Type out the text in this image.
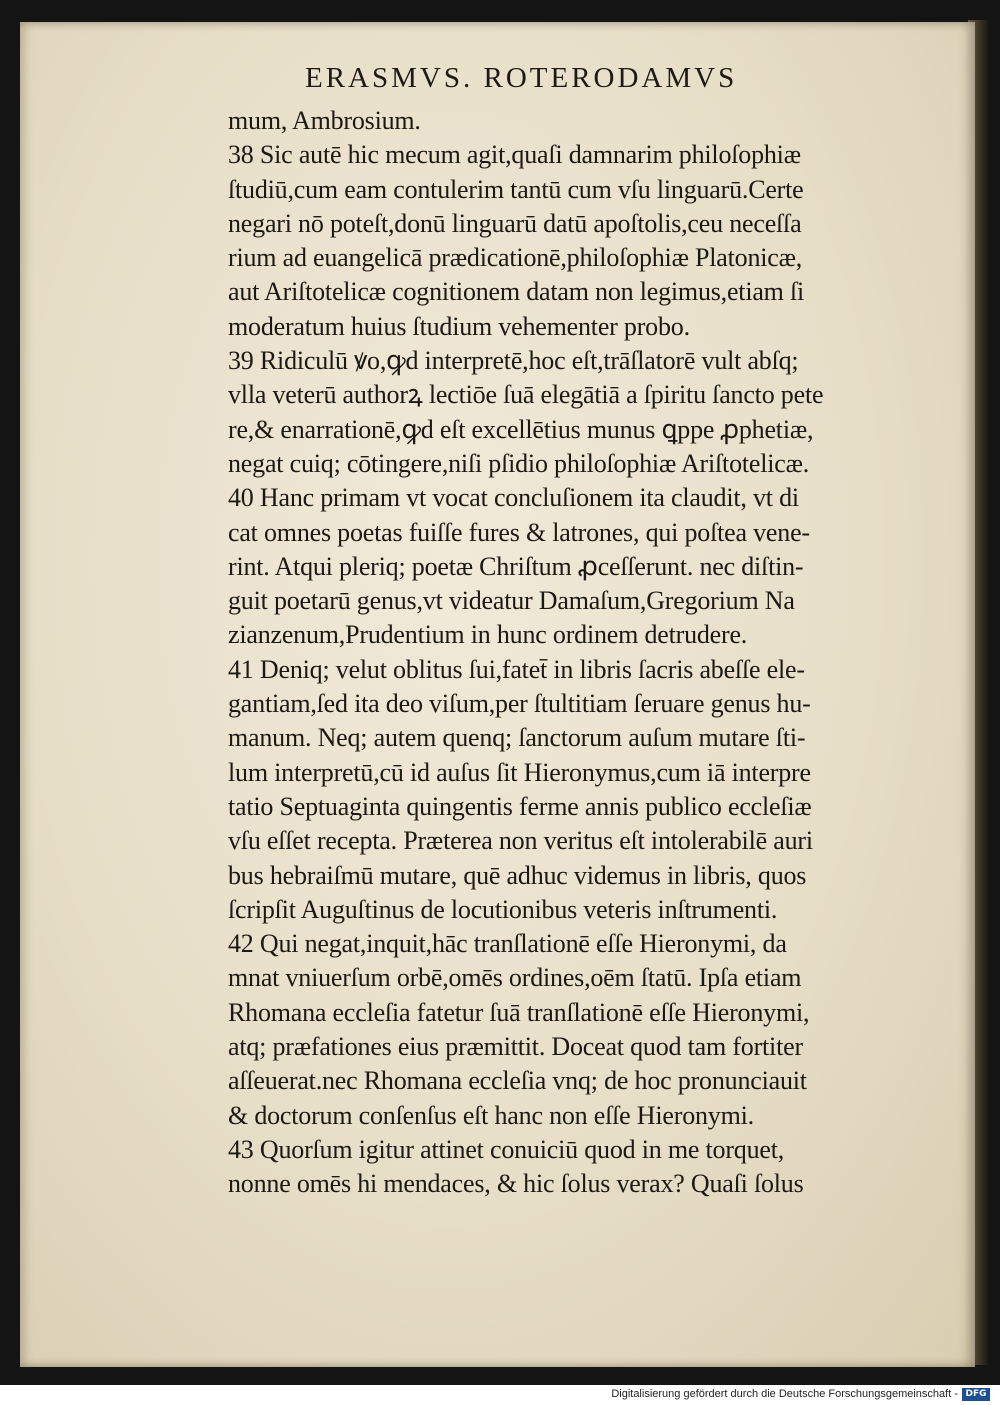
ERASMVS. ROTERODAMVS
mum, Ambrosium.
38 Sic autē hic mecum agit,quaſi damnarim philoſophiæ
ſtudiū,cum eam contulerim tantū cum vſu linguarū.Certe
negari nō poteſt,donū linguarū datū apoſtolis,ceu neceſſa
rium ad euangelicā prædicationē,philoſophiæ Platonicæ,
aut Ariſtotelicæ cognitionem datam non legimus,etiam ſi
moderatum huius ſtudium vehementer probo.
39 Ridiculū ꝟo,ꝙd interpretē,hoc eſt,trāſlatorē vult abſq;
vlla veterū authorꝝ lectiōe ſuā elegātiā a ſpiritu ſancto pete
re,& enarrationē,ꝙd eſt excellētius munus ꝗppe ꝓphetiæ,
negat cuiq; cōtingere,niſi pſidio philoſophiæ Ariſtotelicæ.
40 Hanc primam vt vocat concluſionem ita claudit, vt di
cat omnes poetas fuiſſe fures & latrones, qui poſtea vene-
rint. Atqui pleriq; poetæ Chriſtum ꝓceſſerunt. nec diſtin-
guit poetarū genus,vt videatur Damaſum,Gregorium Na
zianzenum,Prudentium in hunc ordinem detrudere.
41 Deniq; velut oblitus ſui,fatet̄ in libris ſacris abeſſe ele-
gantiam,ſed ita deo viſum,per ſtultitiam ſeruare genus hu-
manum. Neq; autem quenq; ſanctorum auſum mutare ſti-
lum interpretū,cū id auſus ſit Hieronymus,cum iā interpre
tatio Septuaginta quingentis ferme annis publico eccleſiæ
vſu eſſet recepta. Præterea non veritus eſt intolerabilē auri
bus hebraiſmū mutare, quē adhuc videmus in libris, quos
ſcripſit Auguſtinus de locutionibus veteris inſtrumenti.
42 Qui negat,inquit,hāc tranſlationē eſſe Hieronymi, da
mnat vniuerſum orbē,omēs ordines,oēm ſtatū. Ipſa etiam
Rhomana eccleſia fatetur ſuā tranſlationē eſſe Hieronymi,
atq; præfationes eius præmittit. Doceat quod tam fortiter
aſſeuerat.nec Rhomana eccleſia vnq; de hoc pronunciauit
& doctorum conſenſus eſt hanc non eſſe Hieronymi.
43 Quorſum igitur attinet conuiciū quod in me torquet,
nonne omēs hi mendaces, & hic ſolus verax? Quaſi ſolus
Digitalisierung gefördert durch die Deutsche Forschungsgemeinschaft - DFG
